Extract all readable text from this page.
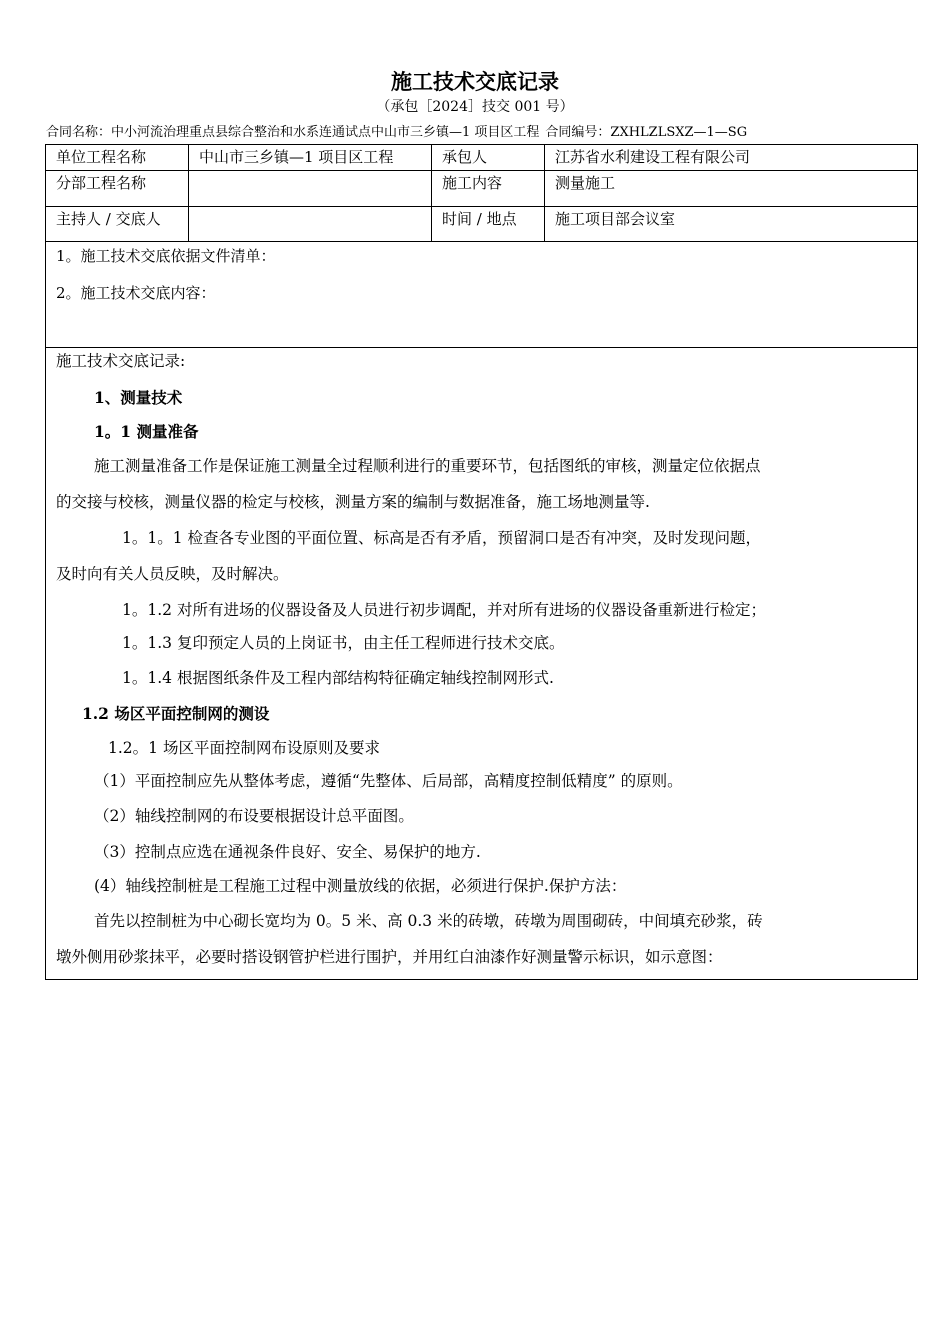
施工技术交底记录
（承包［2024］技交 001 号）
合同名称：中小河流治理重点县综合整治和水系连通试点中山市三乡镇—1 项目区工程 合同编号：ZXHLZLSXZ—1—SG
单位工程名称	中山市三乡镇—1 项目区工程	承包人	江苏省水利建设工程有限公司
分部工程名称		施工内容	测量施工
主持人 / 交底人		时间 / 地点	施工项目部会议室
1。施工技术交底依据文件清单：
2。施工技术交底内容：
施工技术交底记录:
1、测量技术
1。1 测量准备
施工测量准备工作是保证施工测量全过程顺利进行的重要环节，包括图纸的审核，测量定位依据点
的交接与校核，测量仪器的检定与校核，测量方案的编制与数据准备，施工场地测量等.
1。1。1 检查各专业图的平面位置、标高是否有矛盾，预留洞口是否有冲突，及时发现问题，
及时向有关人员反映，及时解决。
1。1.2 对所有进场的仪器设备及人员进行初步调配，并对所有进场的仪器设备重新进行检定；
1。1.3 复印预定人员的上岗证书，由主任工程师进行技术交底。
1。1.4 根据图纸条件及工程内部结构特征确定轴线控制网形式.
1.2 场区平面控制网的测设
1.2。1 场区平面控制网布设原则及要求
（1）平面控制应先从整体考虑，遵循“先整体、后局部，高精度控制低精度” 的原则。
（2）轴线控制网的布设要根据设计总平面图。
（3）控制点应选在通视条件良好、安全、易保护的地方.
(4）轴线控制桩是工程施工过程中测量放线的依据，必须进行保护.保护方法：
首先以控制桩为中心砌长宽均为 0。5 米、高 0.3 米的砖墩，砖墩为周围砌砖，中间填充砂浆，砖
墩外侧用砂浆抹平，必要时搭设钢管护栏进行围护，并用红白油漆作好测量警示标识，如示意图：
